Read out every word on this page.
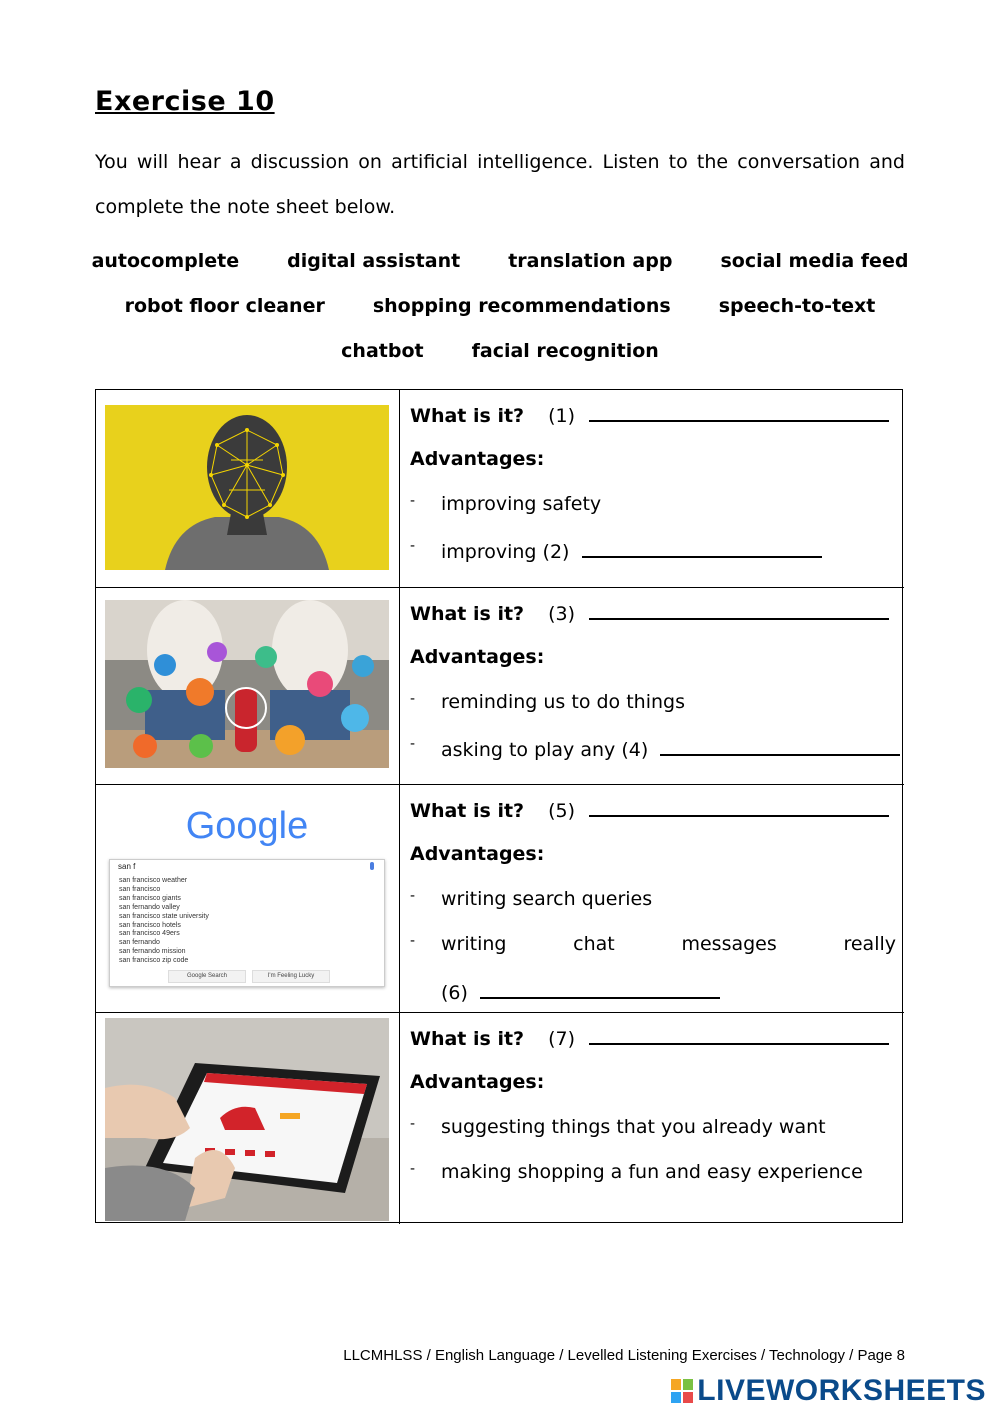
Exercise 10
You will hear a discussion on artificial intelligence. Listen to the conversation and complete the note sheet below.
autocomplete	digital assistant	translation app	social media feed
robot floor cleaner	shopping recommendations	speech-to-text
chatbot	facial recognition
What is it? (1)
Advantages:
- improving safety
- improving (2)
What is it? (3)
Advantages:
- reminding us to do things
- asking to play any (4)
Google
san f
san francisco weather
san francisco
san francisco giants
san fernando valley
san francisco state university
san francisco hotels
san francisco 49ers
san fernando
san fernando mission
san francisco zip code
Google Search	I'm Feeling Lucky
What is it? (5)
Advantages:
- writing search queries
- writing	chat	messages	really
(6)
What is it? (7)
Advantages:
- suggesting things that you already want
- making shopping a fun and easy experience
LLCMHLSS / English Language / Levelled Listening Exercises / Technology / Page 8
LIVEWORKSHEETS
